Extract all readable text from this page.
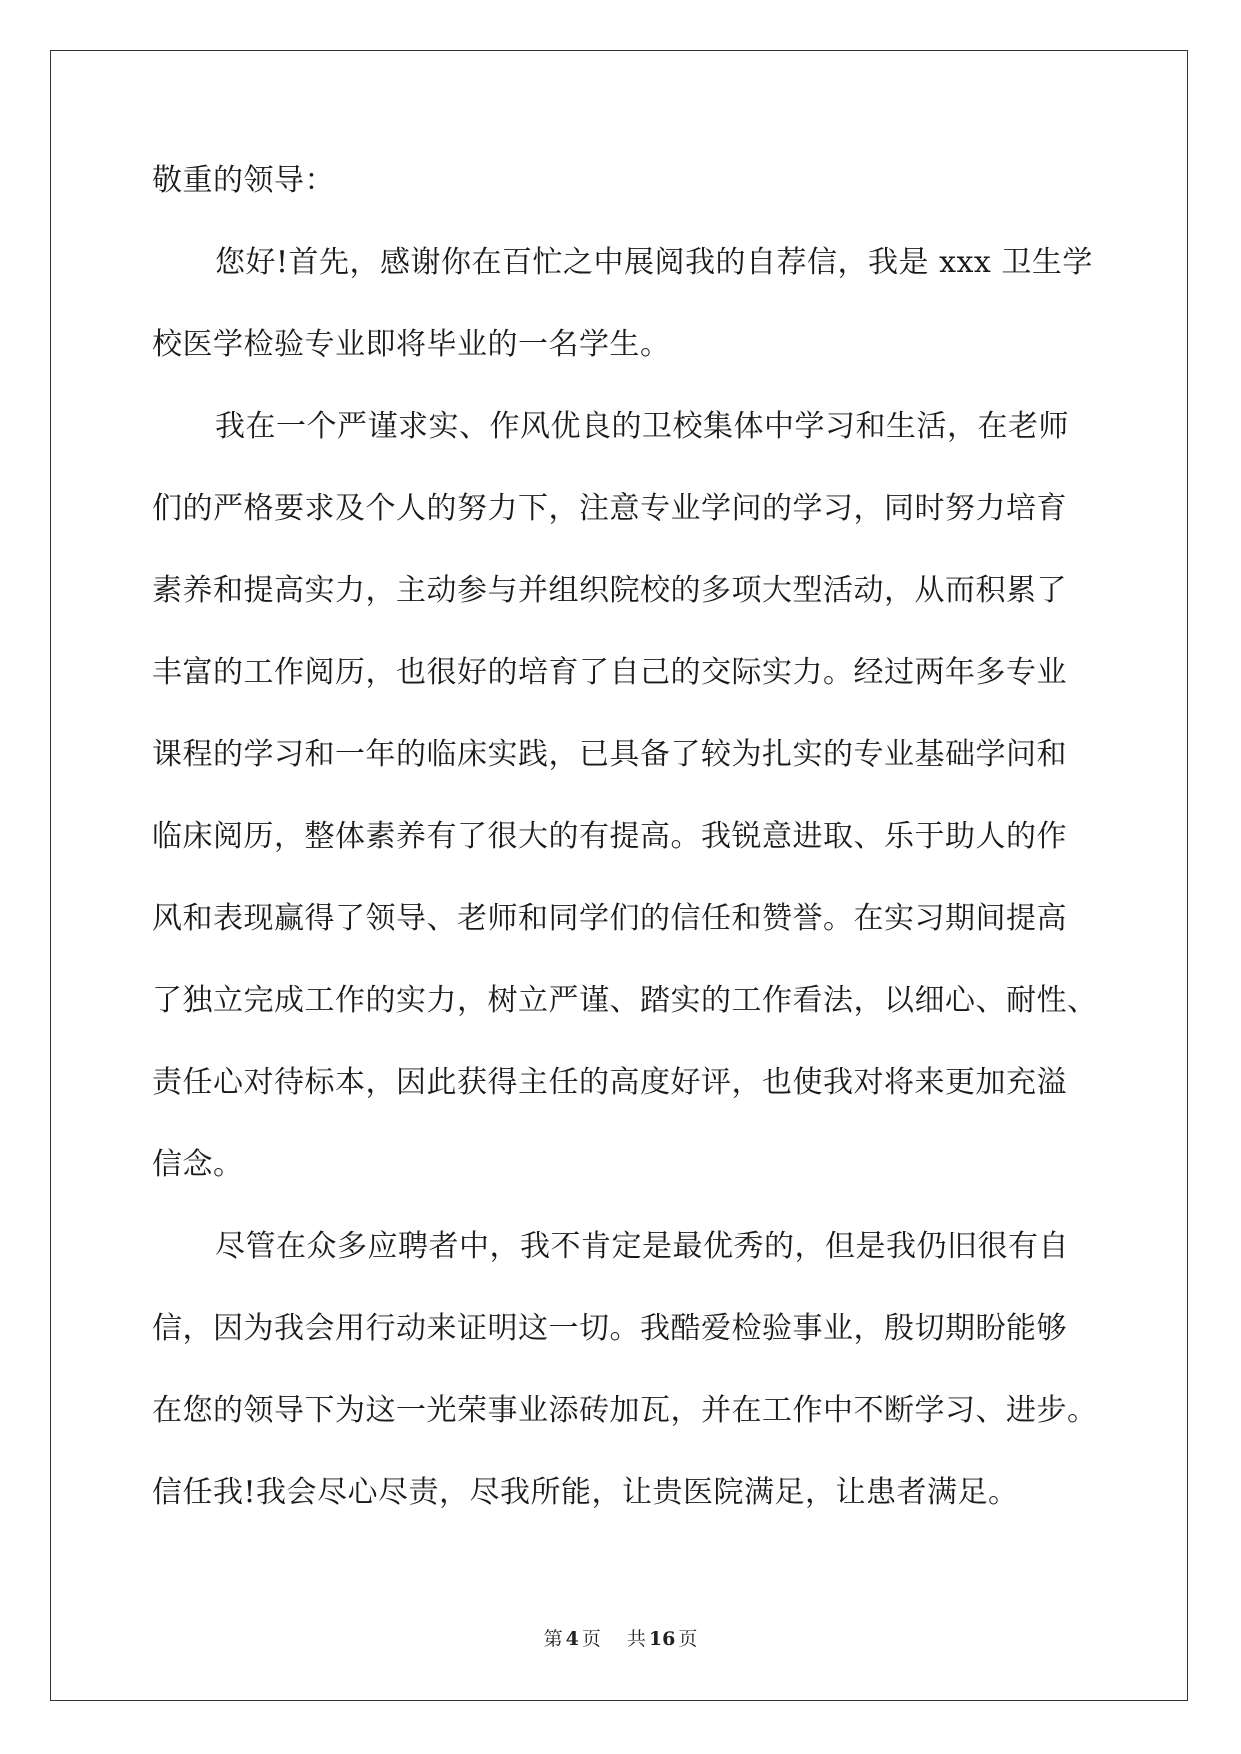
敬重的领导：
您好!首先，感谢你在百忙之中展阅我的自荐信，我是 xxx 卫生学
校医学检验专业即将毕业的一名学生。
我在一个严谨求实、作风优良的卫校集体中学习和生活，在老师
们的严格要求及个人的努力下，注意专业学问的学习，同时努力培育
素养和提高实力，主动参与并组织院校的多项大型活动，从而积累了
丰富的工作阅历，也很好的培育了自己的交际实力。经过两年多专业
课程的学习和一年的临床实践，已具备了较为扎实的专业基础学问和
临床阅历，整体素养有了很大的有提高。我锐意进取、乐于助人的作
风和表现赢得了领导、老师和同学们的信任和赞誉。在实习期间提高
了独立完成工作的实力，树立严谨、踏实的工作看法，以细心、耐性、
责任心对待标本，因此获得主任的高度好评，也使我对将来更加充溢
信念。
尽管在众多应聘者中，我不肯定是最优秀的，但是我仍旧很有自
信，因为我会用行动来证明这一切。我酷爱检验事业，殷切期盼能够
在您的领导下为这一光荣事业添砖加瓦，并在工作中不断学习、进步。
信任我!我会尽心尽责，尽我所能，让贵医院满足，让患者满足。
第 4 页 共 16 页
